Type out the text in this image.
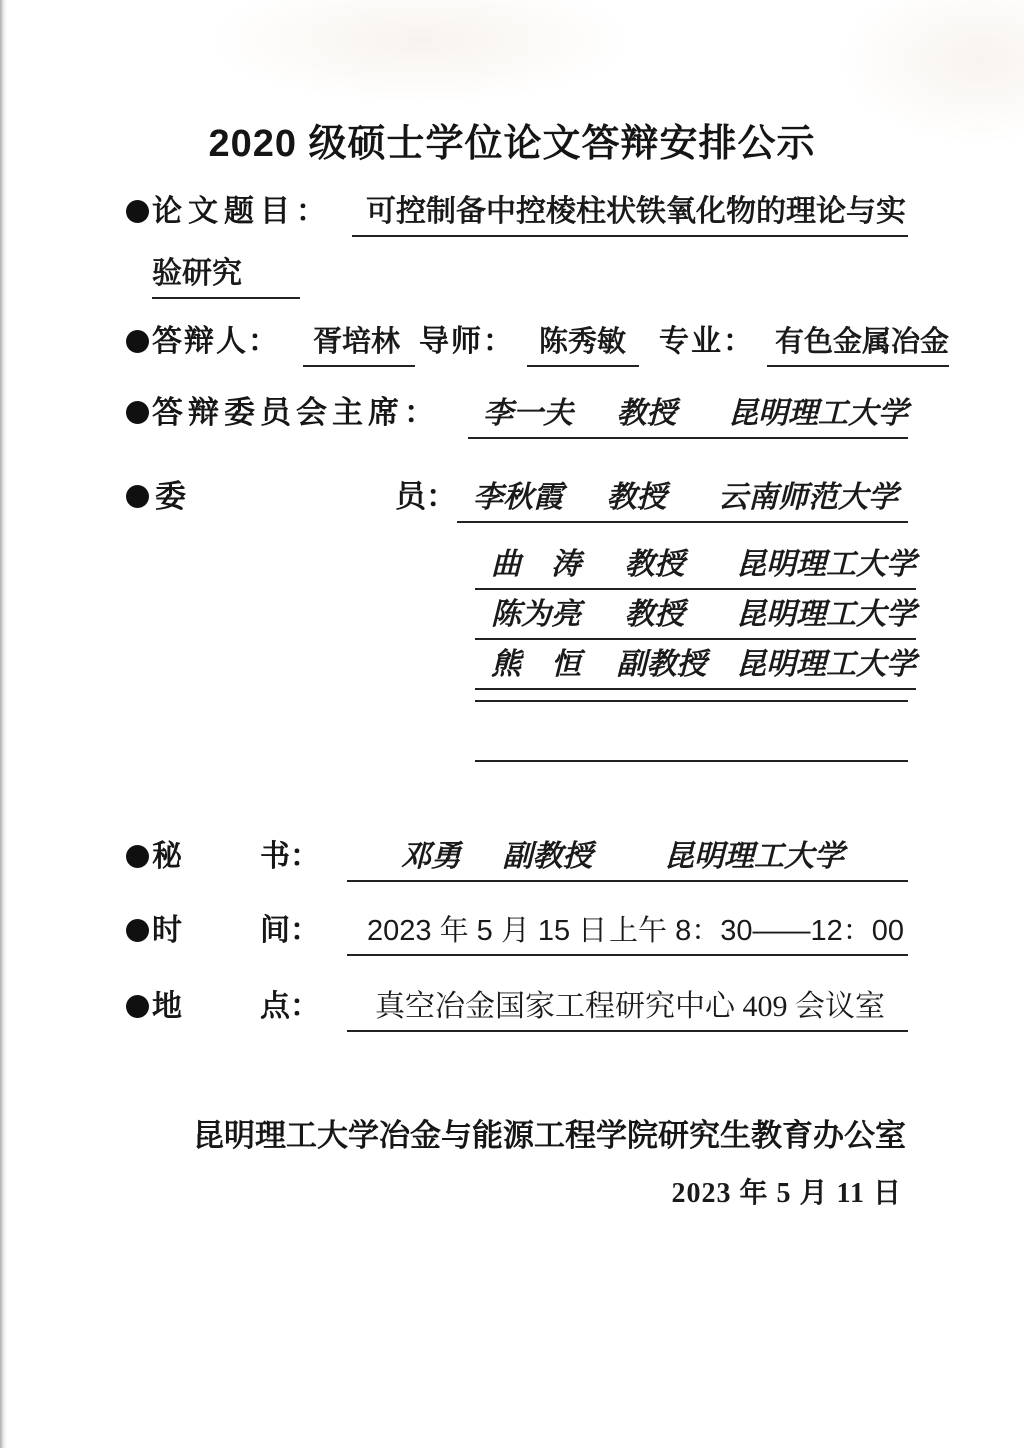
2020 级硕士学位论文答辩安排公示
论文题目：	可控制备中控棱柱状铁氧化物的理论与实
验研究
答辩人：	胥培林 导师： 陈秀敏	专业： 有色金属冶金
答辩委员会主席：	李一夫 教授 昆明理工大学
委	员： 李秋霞 教授 云南师范大学
曲　涛 教授 昆明理工大学
陈为亮 教授 昆明理工大学
熊　恒 副教授 昆明理工大学
秘	书：	邓勇 副教授 昆明理工大学
时	间： 2023 年 5 月 15 日 上午 8：30——12：00
地	点：	真空冶金国家工程研究中心 409 会议室
昆明理工大学冶金与能源工程学院研究生教育办公室
2023 年 5 月 11 日
